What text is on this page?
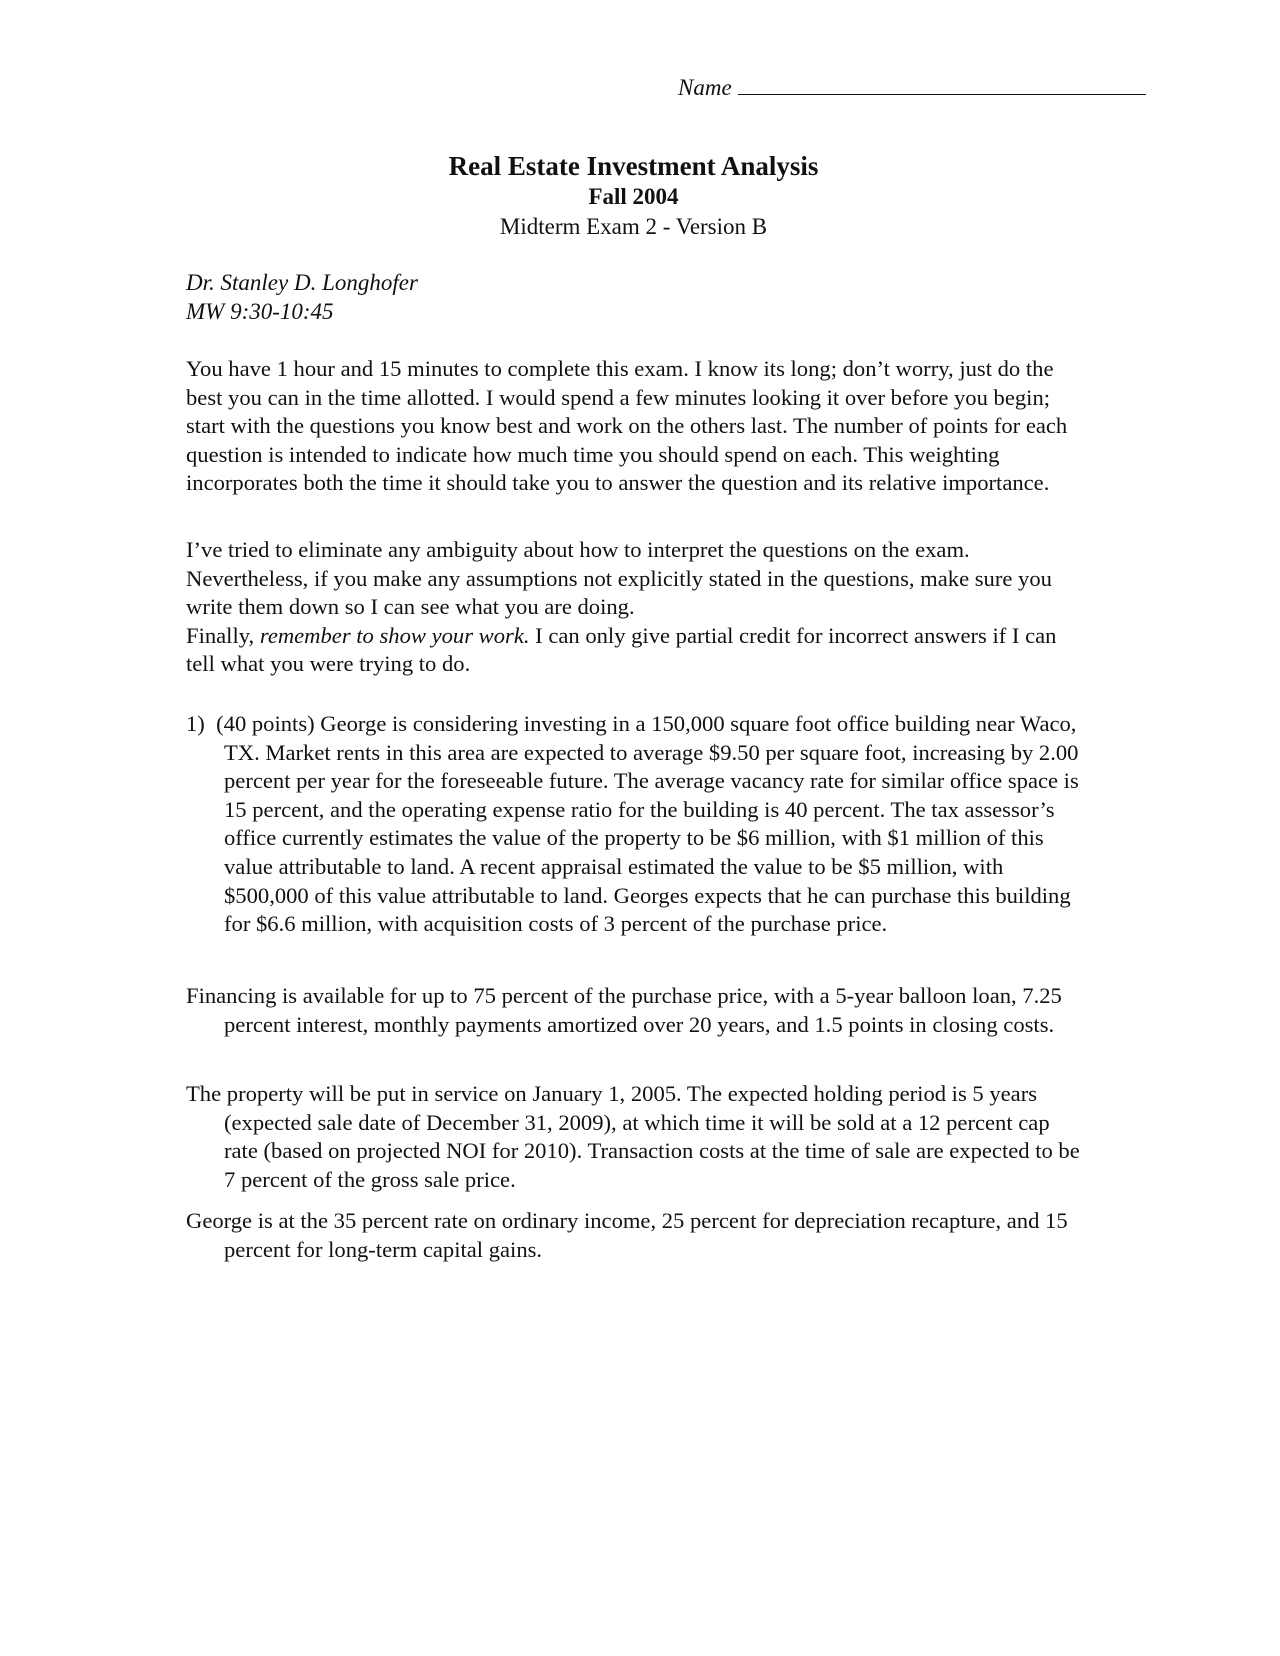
Name
Real Estate Investment Analysis
Fall 2004
Midterm Exam 2 - Version B
Dr. Stanley D. Longhofer
MW 9:30-10:45

You have 1 hour and 15 minutes to complete this exam. I know its long; don’t worry, just do the best you can in the time allotted. I would spend a few minutes looking it over before you begin; start with the questions you know best and work on the others last. The number of points for each question is intended to indicate how much time you should spend on each. This weighting incorporates both the time it should take you to answer the question and its relative importance.

I’ve tried to eliminate any ambiguity about how to interpret the questions on the exam. Nevertheless, if you make any assumptions not explicitly stated in the questions, make sure you write them down so I can see what you are doing.

Finally, remember to show your work. I can only give partial credit for incorrect answers if I can tell what you were trying to do.

1)  (40 points) George is considering investing in a 150,000 square foot office building near Waco, TX. Market rents in this area are expected to average $9.50 per square foot, increasing by 2.00 percent per year for the foreseeable future. The average vacancy rate for similar office space is 15 percent, and the operating expense ratio for the building is 40 percent. The tax assessor’s office currently estimates the value of the property to be $6 million, with $1 million of this value attributable to land. A recent appraisal estimated the value to be $5 million, with $500,000 of this value attributable to land. Georges expects that he can purchase this building for $6.6 million, with acquisition costs of 3 percent of the purchase price.

Financing is available for up to 75 percent of the purchase price, with a 5-year balloon loan, 7.25 percent interest, monthly payments amortized over 20 years, and 1.5 points in closing costs.

The property will be put in service on January 1, 2005. The expected holding period is 5 years (expected sale date of December 31, 2009), at which time it will be sold at a 12 percent cap rate (based on projected NOI for 2010). Transaction costs at the time of sale are expected to be 7 percent of the gross sale price.

George is at the 35 percent rate on ordinary income, 25 percent for depreciation recapture, and 15 percent for long-term capital gains.
